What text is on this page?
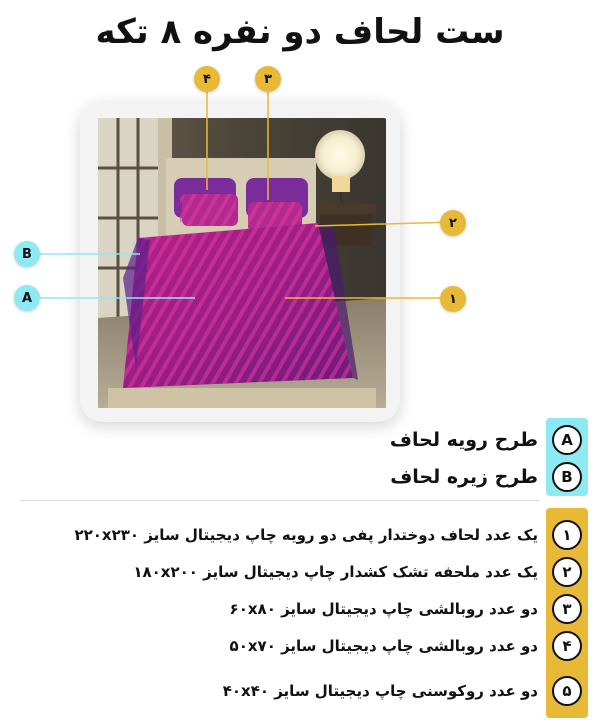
ست لحاف دو نفره ۸ تکه
۴	۳
۲
۱
B
A
A
طرح رویه لحاف
B
طرح زیره لحاف
۱
یک عدد لحاف دوختدار پفی دو رویه چاپ دیجیتال سایز ۲۲۰x۲۳۰
۲
یک عدد ملحفه تشک کشدار چاپ دیجیتال سایز ۱۸۰x۲۰۰
۳
دو عدد روبالشی چاپ دیجیتال سایز ۶۰x۸۰
۴
دو عدد روبالشی چاپ دیجیتال سایز ۵۰x۷۰
۵
دو عدد روکوسنی چاپ دیجیتال سایز ۴۰x۴۰
